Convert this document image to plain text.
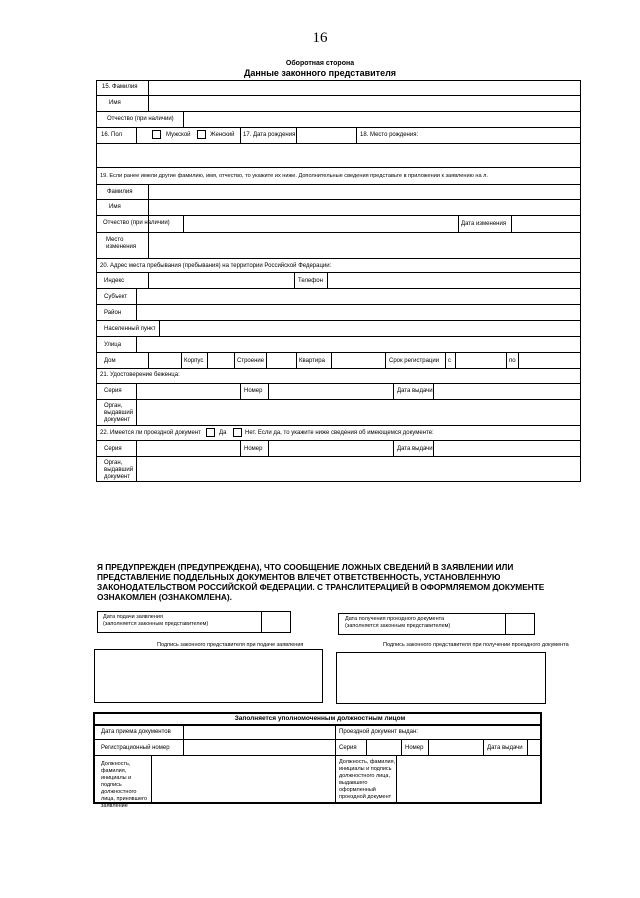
16
Оборотная сторона
Данные законного представителя
15. Фамилия
Имя
Отчество (при наличии)
16. Пол	Мужской	Женский 17. Дата рождения	18. Место рождения:
19. Если ранее имели другие фамилию, имя, отчество, то укажите их ниже. Дополнительные сведения представьте в приложении к заявлению на л.
Фамилия
Имя
Отчество (при наличии)	Дата изменения
Место изменения
20. Адрес места пребывания (пребывания) на территории Российской Федерации:
Индекс	Телефон
Субъект
Район
Населенный пункт
Улица
Дом	Корпус	Строение	Квартира	Срок регистрации с	по
21. Удостоверение беженца:
Серия	Номер	Дата выдачи
Орган, выдавший документ
22. Имеется ли проездной документ	Да	Нет. Если да, то укажите ниже сведения об имеющемся документе:
Серия	Номер	Дата выдачи
Орган, выдавший документ
Я ПРЕДУПРЕЖДЕН (ПРЕДУПРЕЖДЕНА), ЧТО СООБЩЕНИЕ ЛОЖНЫХ СВЕДЕНИЙ В ЗАЯВЛЕНИИ ИЛИ ПРЕДСТАВЛЕНИЕ ПОДДЕЛЬНЫХ ДОКУМЕНТОВ ВЛЕЧЕТ ОТВЕТСТВЕННОСТЬ, УСТАНОВЛЕННУЮ ЗАКОНОДАТЕЛЬСТВОМ РОССИЙСКОЙ ФЕДЕРАЦИИ. С ТРАНСЛИТЕРАЦИЕЙ В ОФОРМЛЯЕМОМ ДОКУМЕНТЕ ОЗНАКОМЛЕН (ОЗНАКОМЛЕНА).
Дата подачи заявления
(заполняется законным представителем)
Дата получения проездного документа
(заполняется законным представителем)
Подпись законного представителя при подаче заявления	Подпись законного представителя при получении проездного документа
Заполняется уполномоченным должностным лицом
Дата приема документов	Проездной документ выдан:
Регистрационный номер	Серия	Номер	Дата выдачи
Должность, фамилия, инициалы и подпись должностного лица, принявшего заявление
Должность, фамилия, инициалы и подпись должностного лица, выдавшего оформленный проездной документ
